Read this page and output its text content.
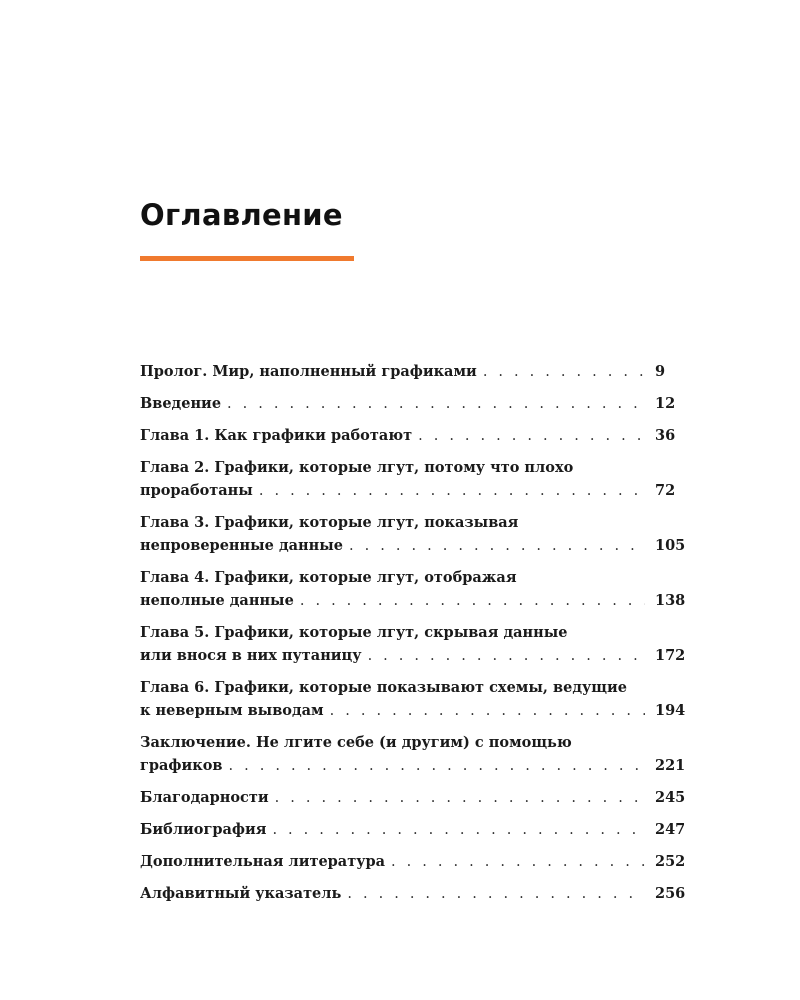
Оглавление
Пролог. Мир, наполненный графиками . . .	9
Введение . . .	12
Глава 1. Как графики работают . . .	36
Глава 2. Графики, которые лгут, потому что плохо
проработаны . . .	72
Глава 3. Графики, которые лгут, показывая
непроверенные данные . . .	105
Глава 4. Графики, которые лгут, отображая
неполные данные . . .	138
Глава 5. Графики, которые лгут, скрывая данные
или внося в них путаницу . . .	172
Глава 6. Графики, которые показывают схемы, ведущие
к неверным выводам . . .	194
Заключение. Не лгите себе (и другим) с помощью
графиков . . .	221
Благодарности . . .	245
Библиография . . .	247
Дополнительная литература . . .	252
Алфавитный указатель . . .	256
